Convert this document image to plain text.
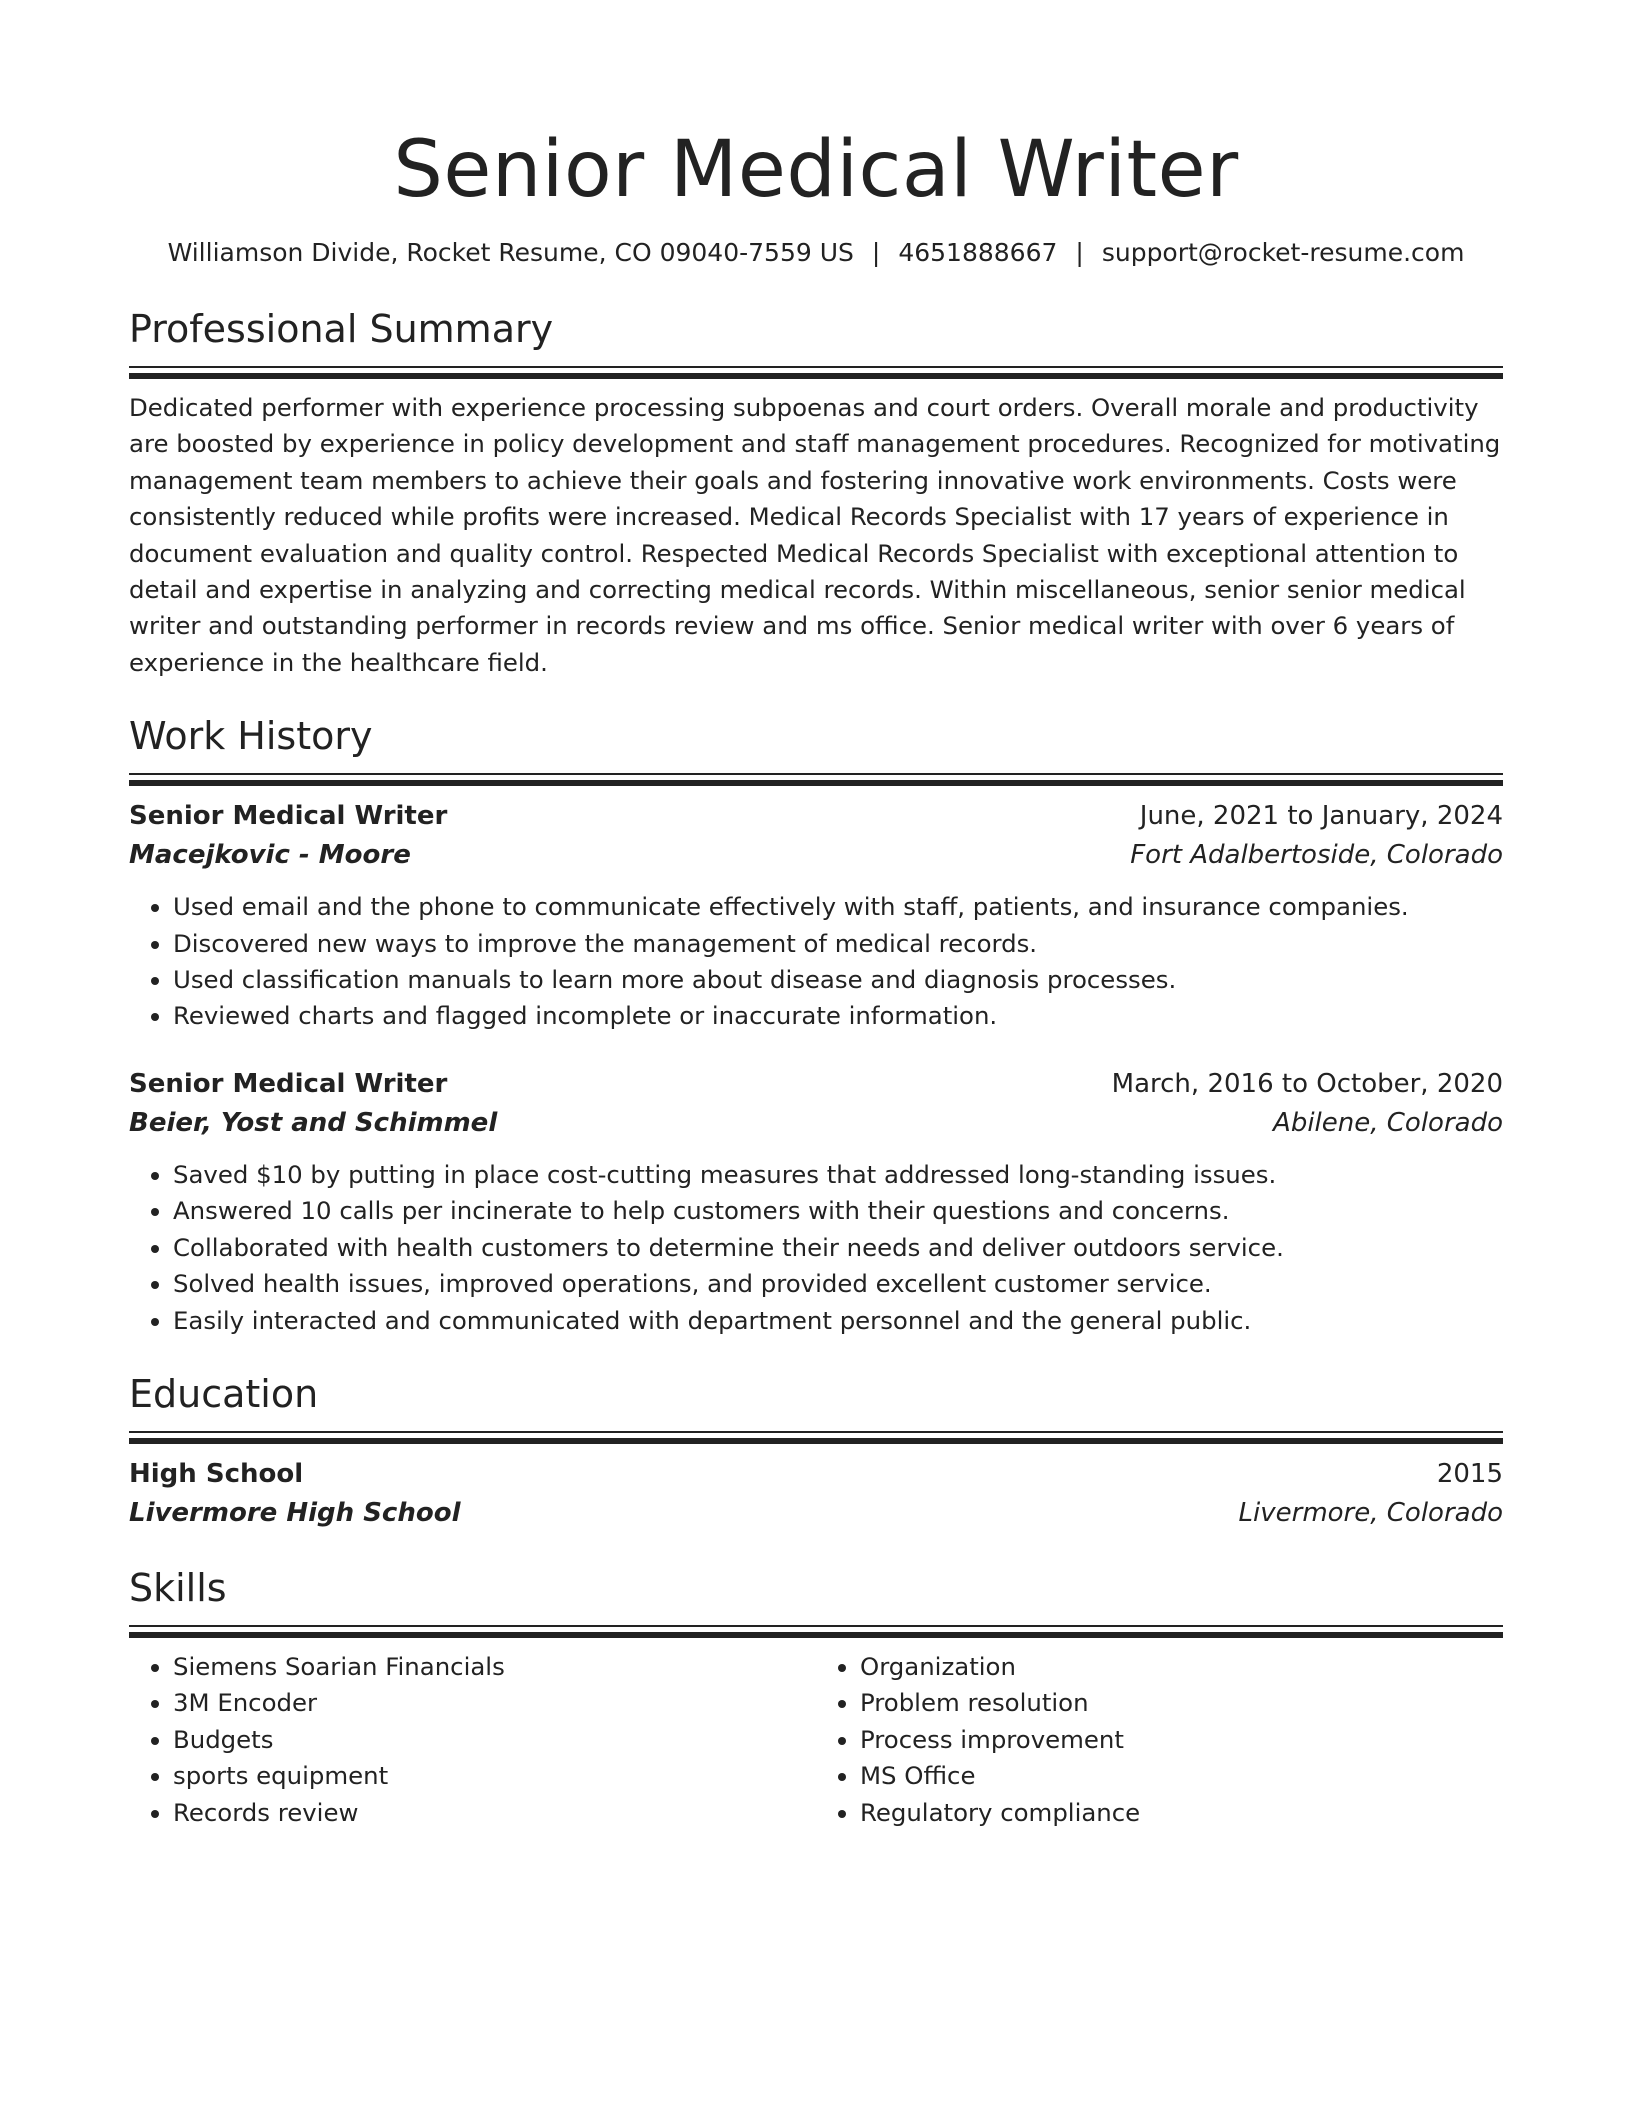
Senior Medical Writer
Williamson Divide, Rocket Resume, CO 09040-7559 US | 4651888667 | support@rocket-resume.com
Professional Summary

Dedicated performer with experience processing subpoenas and court orders. Overall morale and productivity are boosted by experience in policy development and staff management procedures. Recognized for motivating management team members to achieve their goals and fostering innovative work environments. Costs were consistently reduced while profits were increased. Medical Records Specialist with 17 years of experience in document evaluation and quality control. Respected Medical Records Specialist with exceptional attention to detail and expertise in analyzing and correcting medical records. Within miscellaneous, senior senior medical writer and outstanding performer in records review and ms office. Senior medical writer with over 6 years of experience in the healthcare field.

Work History
Senior Medical Writer	June, 2021 to January, 2024
Macejkovic - Moore	Fort Adalbertoside, Colorado
• Used email and the phone to communicate effectively with staff, patients, and insurance companies.
• Discovered new ways to improve the management of medical records.
• Used classification manuals to learn more about disease and diagnosis processes.
• Reviewed charts and flagged incomplete or inaccurate information.
Senior Medical Writer	March, 2016 to October, 2020
Beier, Yost and Schimmel	Abilene, Colorado
• Saved $10 by putting in place cost-cutting measures that addressed long-standing issues.
• Answered 10 calls per incinerate to help customers with their questions and concerns.
• Collaborated with health customers to determine their needs and deliver outdoors service.
• Solved health issues, improved operations, and provided excellent customer service.
• Easily interacted and communicated with department personnel and the general public.
Education
High School	2015
Livermore High School	Livermore, Colorado
Skills
• Siemens Soarian Financials
• 3M Encoder
• Budgets
• sports equipment
• Records review
• Organization
• Problem resolution
• Process improvement
• MS Office
• Regulatory compliance
